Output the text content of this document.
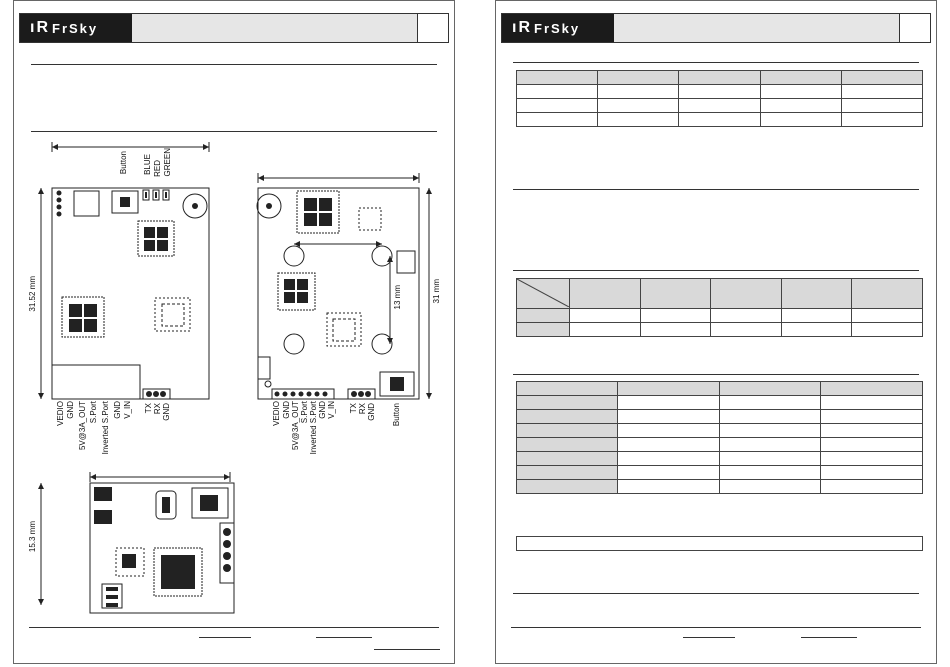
ıR FrSky
Button BLUE RED GREEN
31.52 mm
VEDIO GND 5V@3A_OUT S.Port Inverted S.Port GND V_IN TX RX GND
31 mm
13 mm
VEDIO GND 5V@3A_OUT S.Port Inverted S.Port GND V_IN TX RX GND Button
15.3 mm
ıR FrSky
